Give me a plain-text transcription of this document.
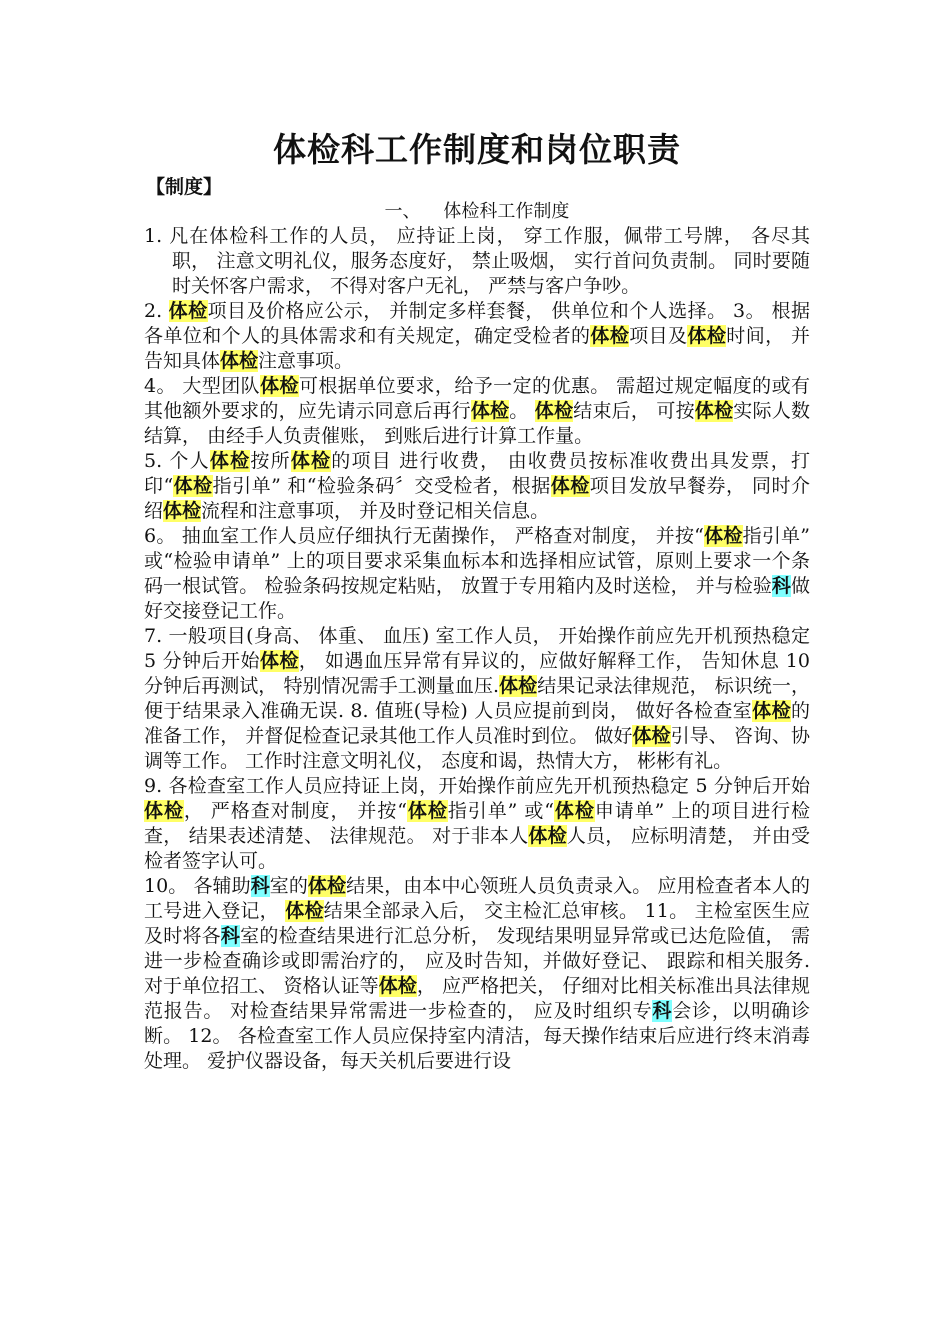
体检科工作制度和岗位职责
【制度】
一、    体检科工作制度

1. 凡在体检科工作的人员， 应持证上岗， 穿工作服，佩带工号牌， 各尽其职， 注意文明礼仪，服务态度好， 禁止吸烟， 实行首问负责制。 同时要随时关怀客户需求， 不得对客户无礼， 严禁与客户争吵。

2. 体检项目及价格应公示， 并制定多样套餐， 供单位和个人选择。 3。 根据各单位和个人的具体需求和有关规定，确定受检者的体检项目及体检时间， 并告知具体体检注意事项。

4。 大型团队体检可根据单位要求，给予一定的优惠。 需超过规定幅度的或有其他额外要求的，应先请示同意后再行体检。 体检结束后， 可按体检实际人数结算， 由经手人负责催账， 到账后进行计算工作量。

5. 个人体检按所体检的项目 进行收费， 由收费员按标准收费出具发票，打印“体检指引单” 和“检验条码〞交受检者，根据体检项目发放早餐券， 同时介绍体检流程和注意事项， 并及时登记相关信息。

6。 抽血室工作人员应仔细执行无菌操作， 严格查对制度， 并按“体检指引单” 或“检验申请单” 上的项目要求采集血标本和选择相应试管，原则上要求一个条码一根试管。 检验条码按规定粘贴， 放置于专用箱内及时送检， 并与检验科做好交接登记工作。

7. 一般项目(身高、 体重、 血压) 室工作人员， 开始操作前应先开机预热稳定 5 分钟后开始体检， 如遇血压异常有异议的，应做好解释工作， 告知休息 10 分钟后再测试， 特别情况需手工测量血压.体检结果记录法律规范， 标识统一， 便于结果录入准确无误. 8. 值班(导检) 人员应提前到岗， 做好各检查室体检的准备工作， 并督促检查记录其他工作人员准时到位。 做好体检引导、 咨询、协调等工作。 工作时注意文明礼仪， 态度和谒，热情大方， 彬彬有礼。

9. 各检查室工作人员应持证上岗，开始操作前应先开机预热稳定 5 分钟后开始体检， 严格查对制度， 并按“体检指引单” 或“体检申请单” 上的项目进行检查， 结果表述清楚、 法律规范。 对于非本人体检人员， 应标明清楚， 并由受检者签字认可。

10。 各辅助科室的体检结果，由本中心领班人员负责录入。 应用检查者本人的工号进入登记， 体检结果全部录入后， 交主检汇总审核。 11。 主检室医生应及时将各科室的检查结果进行汇总分析， 发现结果明显异常或已达危险值， 需进一步检查确诊或即需治疗的， 应及时告知，并做好登记、 跟踪和相关服务. 对于单位招工、 资格认证等体检， 应严格把关， 仔细对比相关标准出具法律规范报告。 对检查结果异常需进一步检查的， 应及时组织专科会诊，以明确诊断。 12。 各检查室工作人员应保持室内清洁，每天操作结束后应进行终末消毒处理。 爱护仪器设备，每天关机后要进行设
